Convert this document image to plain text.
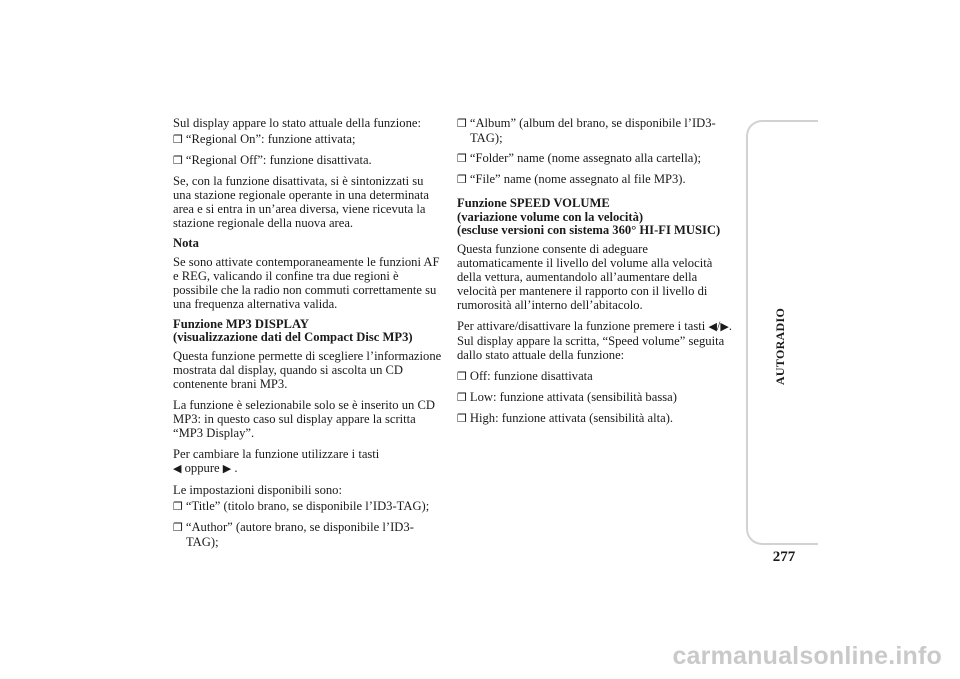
Sul display appare lo stato attuale della funzione:

❒ “Regional On”: funzione attivata;
❒ “Regional Off”: funzione disattivata.

Se, con la funzione disattivata, si è sintonizzati su una stazione regionale operante in una determinata area e si entra in un’area diversa, viene ricevuta la stazione regionale della nuova area.

Nota

Se sono attivate contemporaneamente le funzioni AF e REG, valicando il confine tra due regioni è possibile che la radio non commuti correttamente su una frequenza alternativa valida.

Funzione MP3 DISPLAY
(visualizzazione dati del Compact Disc MP3)

Questa funzione permette di scegliere l’informazione mostrata dal display, quando si ascolta un CD contenente brani MP3.

La funzione è selezionabile solo se è inserito un CD MP3: in questo caso sul display appare la scritta “MP3 Display”.

Per cambiare la funzione utilizzare i tasti
◀ oppure ▶ .

Le impostazioni disponibili sono:

❒ “Title” (titolo brano, se disponibile l’ID3-TAG);
❒ “Author” (autore brano, se disponibile l’ID3-TAG);
❒ “Album” (album del brano, se disponibile l’ID3-TAG);
❒ “Folder” name (nome assegnato alla cartella);
❒ “File” name (nome assegnato al file MP3).
Funzione SPEED VOLUME
(variazione volume con la velocità)
(escluse versioni con sistema 360° HI-FI MUSIC)

Questa funzione consente di adeguare automaticamente il livello del volume alla velocità della vettura, aumentandolo all’aumentare della velocità per mantenere il rapporto con il livello di rumorosità all’interno dell’abitacolo.

Per attivare/disattivare la funzione premere i tasti ◀/▶. Sul display appare la scritta, “Speed volume” seguita dallo stato attuale della funzione:

❒ Off: funzione disattivata
❒ Low: funzione attivata (sensibilità bassa)
❒ High: funzione attivata (sensibilità alta).
AUTORADIO
277
carmanualsonline.info
